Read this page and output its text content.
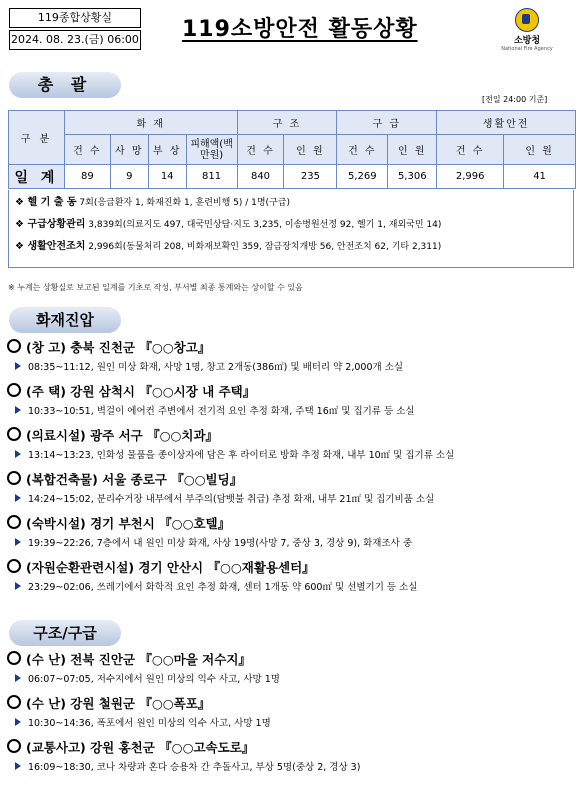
119종합상황실
2024. 08. 23.(금) 06:00 119소방안전 활동상황	소방청
National Fire Agency
총 괄
[전일 24:00 기준]
구 분	화 재				구 조		구 급		생활안전	
	건 수	사 망	부 상	피해액(백만원)	건 수	인 원	건 수	인 원	건 수	인 원
일 계	89	9	14	811	840	235	5,269	5,306	2,996	41
❖ 헬 기 출 동 7회(응급환자 1, 화재진화 1, 훈련비행 5) / 1명(구급)
❖ 구급상황관리 3,839회(의료지도 497, 대국민상담·지도 3,235, 이송병원선정 92, 헬기 1, 재외국민 14)
❖ 생활안전조치 2,996회(동물처리 208, 비화재보확인 359, 잠금장치개방 56, 안전조치 62, 기타 2,311)
※ 누계는 상황실로 보고된 일계를 기초로 작성, 부서별 최종 통계와는 상이할 수 있음
화재진압
(창 고) 충북 진천군 『○○창고』
08:35~11:12, 원인 미상 화재, 사망 1명, 창고 2개동(386㎡) 및 배터리 약 2,000개 소실
(주 택) 강원 삼척시 『○○시장 내 주택』
10:33~10:51, 벽걸이 에어컨 주변에서 전기적 요인 추정 화재, 주택 16㎡ 및 집기류 등 소실
(의료시설) 광주 서구 『○○치과』
13:14~13:23, 인화성 물품을 종이상자에 담은 후 라이터로 방화 추정 화재, 내부 10㎡ 및 집기류 소실
(복합건축물) 서울 종로구 『○○빌딩』
14:24~15:02, 분리수거장 내부에서 부주의(담뱃불 취급) 추정 화재, 내부 21㎡ 및 집기비품 소실
(숙박시설) 경기 부천시 『○○호텔』
19:39~22:26, 7층에서 내 원인 미상 화재, 사상 19명(사망 7, 중상 3, 경상 9), 화재조사 중
(자원순환관련시설) 경기 안산시 『○○재활용센터』
23:29~02:06, 쓰레기에서 화학적 요인 추정 화재, 센터 1개동 약 600㎡ 및 선별기기 등 소실
구조/구급
(수 난) 전북 진안군 『○○마을 저수지』
06:07~07:05, 저수지에서 원인 미상의 익수 사고, 사망 1명
(수 난) 강원 철원군 『○○폭포』
10:30~14:36, 폭포에서 원인 미상의 익수 사고, 사망 1명
(교통사고) 강원 홍천군 『○○고속도로』
16:09~18:30, 코나 차량과 혼다 승용차 간 추돌사고, 부상 5명(중상 2, 경상 3)
